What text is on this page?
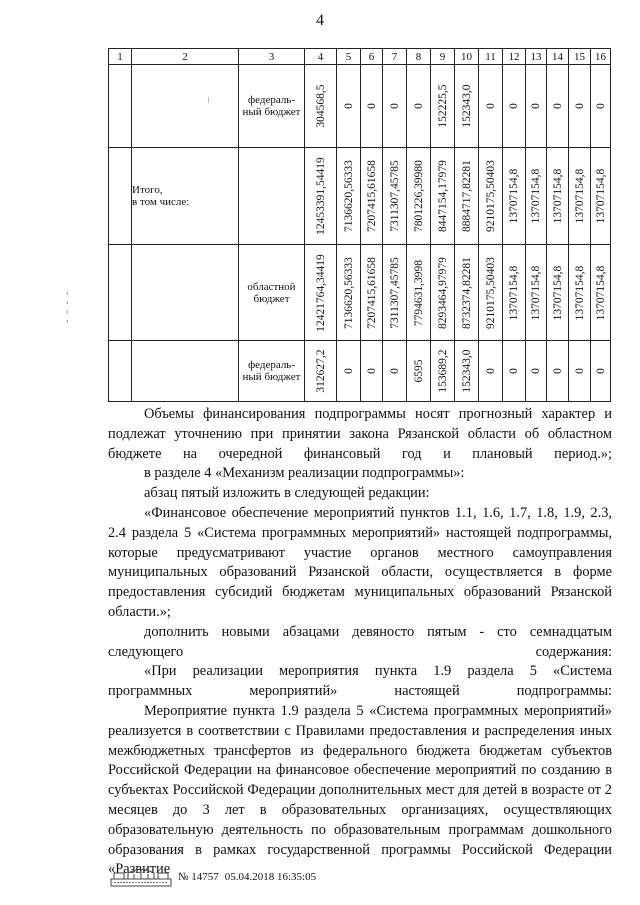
4
ǀ
- - - -
1	2	3	4	5	6	7	8	9	10	11	12	13	14	15	16
		федераль-
ный бюджет	304568,5	0	0	0	0	152225,5	152343,0	0	0	0	0	0	0

	Итого,
в том числе:		12453391,54419	7136620,56333	7207415,61658	7311307,45785	7801226,39980	8447154,17979	8884717,82281	9210175,50403	13707154,8	13707154,8	13707154,8	13707154,8	13707154,8

		областной
бюджет	12421764,34419	7136620,56333	7207415,61658	7311307,45785	7794631,3998	8293464,97979	8732374,82281	9210175,50403	13707154,8	13707154,8	13707154,8	13707154,8	13707154,8

		федераль-
ный бюджет	312627,2	0	0	0	6595	153689,2	152343,0	0	0	0	0	0	0

Объемы финансирования подпрограммы носят прогнозный характер и подлежат уточнению при принятии закона Рязанской области об областном бюджете на очередной финансовый год и плановый период.»;

в разделе 4 «Механизм реализации подпрограммы»:

абзац пятый изложить в следующей редакции:

«Финансовое обеспечение мероприятий пунктов 1.1, 1.6, 1.7, 1.8, 1.9, 2.3, 2.4 раздела 5 «Система программных мероприятий» настоящей подпрограммы, которые предусматривают участие органов местного самоуправления муниципальных образований Рязанской области, осуществляется в форме предоставления субсидий бюджетам муниципальных образований Рязанской области.»;

дополнить новыми абзацами девяносто пятым - сто семнадцатым следующего содержания:

«При реализации мероприятия пункта 1.9 раздела 5 «Система программных мероприятий» настоящей подпрограммы:

Мероприятие пункта 1.9 раздела 5 «Система программных мероприятий» реализуется в соответствии с Правилами предоставления и распределения иных межбюджетных трансфертов из федерального бюджета бюджетам субъектов Российской Федерации на финансовое обеспечение мероприятий по созданию в субъектах Российской Федерации дополнительных мест для детей в возрасте от 2 месяцев до 3 лет в образовательных организациях, осуществляющих образовательную деятельность по образовательным программам дошкольного образования в рамках государственной программы Российской Федерации «Развитие № 14757 05.04.2018 16:35:05
